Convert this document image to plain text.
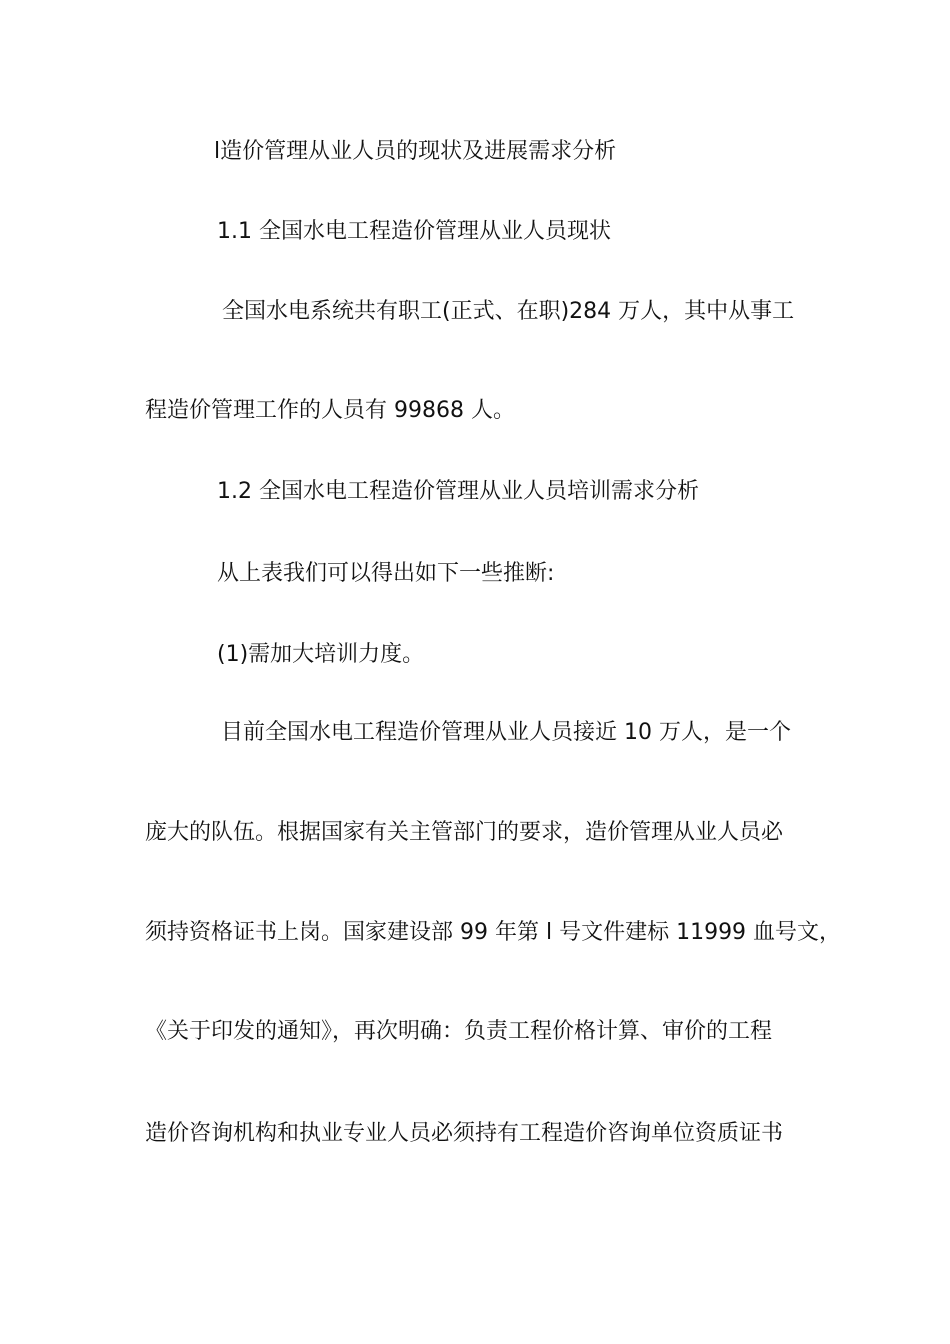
l造价管理从业人员的现状及进展需求分析
1.1 全国水电工程造价管理从业人员现状
全国水电系统共有职工(正式、在职)284 万人，其中从事工
程造价管理工作的人员有 99868 人。
1.2 全国水电工程造价管理从业人员培训需求分析
从上表我们可以得出如下一些推断:
(1)需加大培训力度。
目前全国水电工程造价管理从业人员接近 10 万人，是一个
庞大的队伍。根据国家有关主管部门的要求，造价管理从业人员必
须持资格证书上岗。国家建设部 99 年第 l 号文件建标 11999 血号文，
《关于印发的通知》，再次明确：负责工程价格计算、审价的工程
造价咨询机构和执业专业人员必须持有工程造价咨询单位资质证书
